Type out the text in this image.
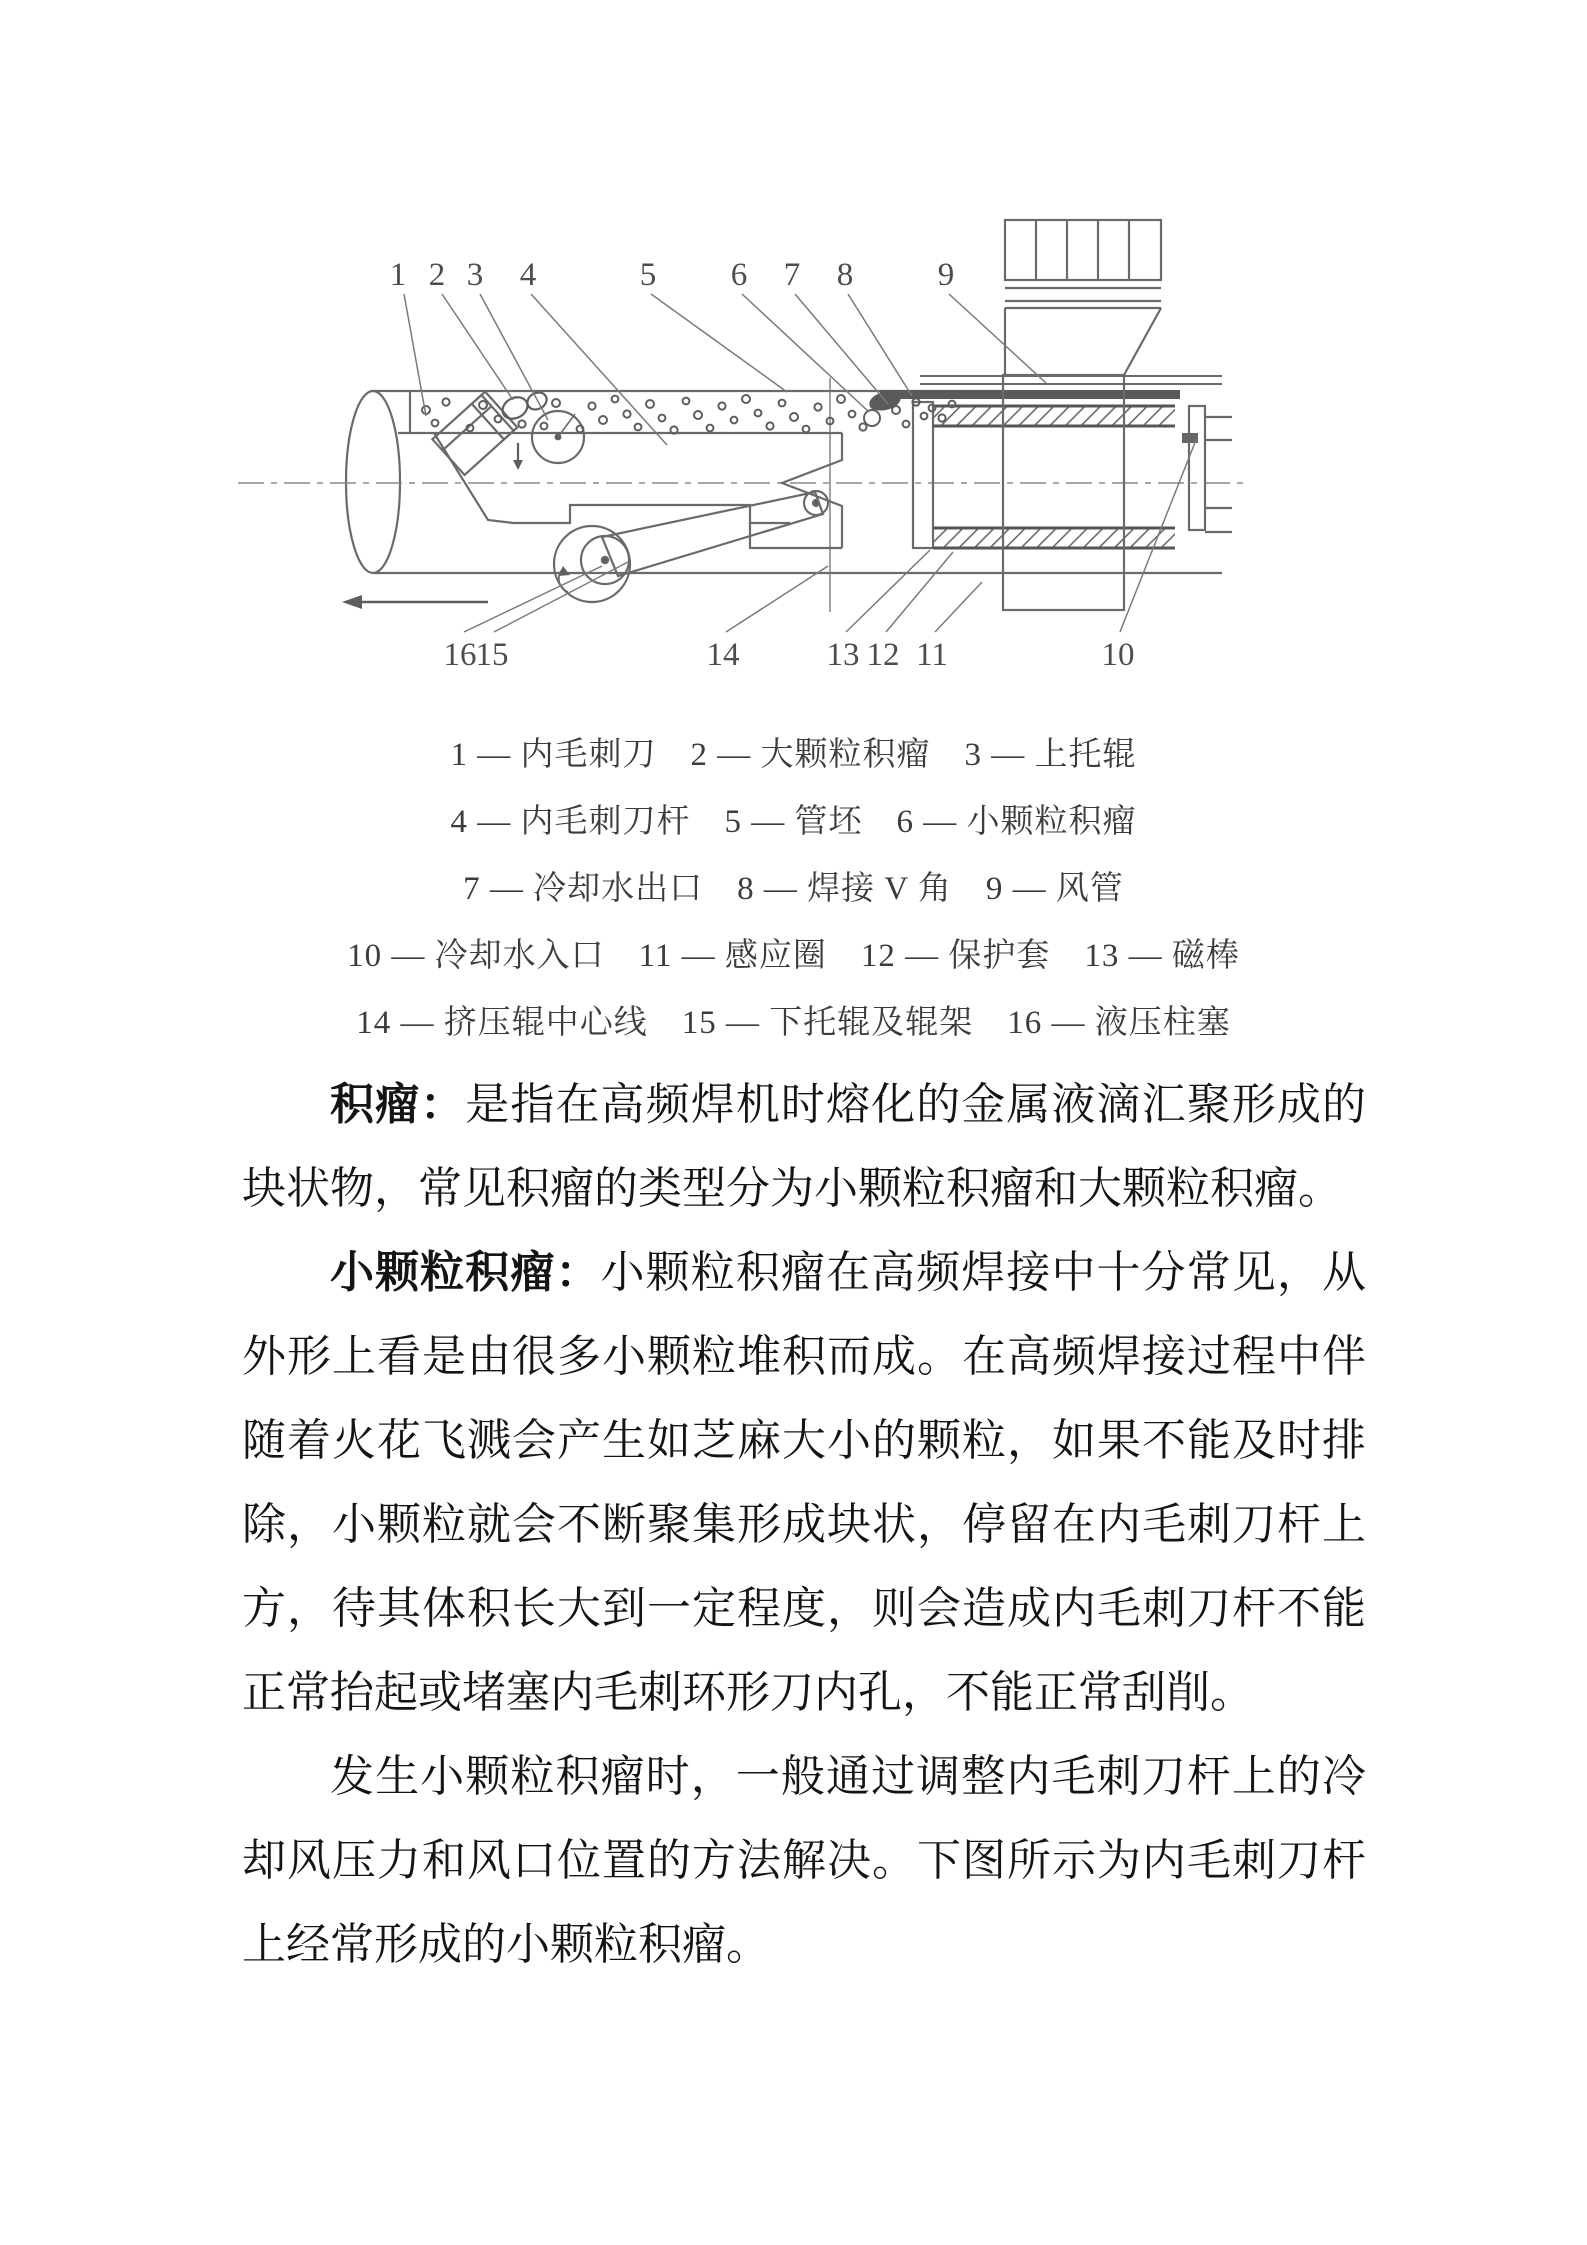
1 2 3 4	5 6 7 8	9
16 15	14	13 12 11	10
1 — 内毛刺刀　2 — 大颗粒积瘤　3 — 上托辊
4 — 内毛刺刀杆　5 — 管坯　6 — 小颗粒积瘤
7 — 冷却水出口　8 — 焊接 V 角　9 — 风管
10 — 冷却水入口　11 — 感应圈　12 — 保护套　13 — 磁棒
14 — 挤压辊中心线　15 — 下托辊及辊架　16 — 液压柱塞

积瘤：是指在高频焊机时熔化的金属液滴汇聚形成的块状物，常见积瘤的类型分为小颗粒积瘤和大颗粒积瘤。

小颗粒积瘤：小颗粒积瘤在高频焊接中十分常见，从外形上看是由很多小颗粒堆积而成。在高频焊接过程中伴随着火花飞溅会产生如芝麻大小的颗粒，如果不能及时排除，小颗粒就会不断聚集形成块状，停留在内毛刺刀杆上方，待其体积长大到一定程度，则会造成内毛刺刀杆不能正常抬起或堵塞内毛刺环形刀内孔，不能正常刮削。

发生小颗粒积瘤时，一般通过调整内毛刺刀杆上的冷却风压力和风口位置的方法解决。下图所示为内毛刺刀杆上经常形成的小颗粒积瘤。
